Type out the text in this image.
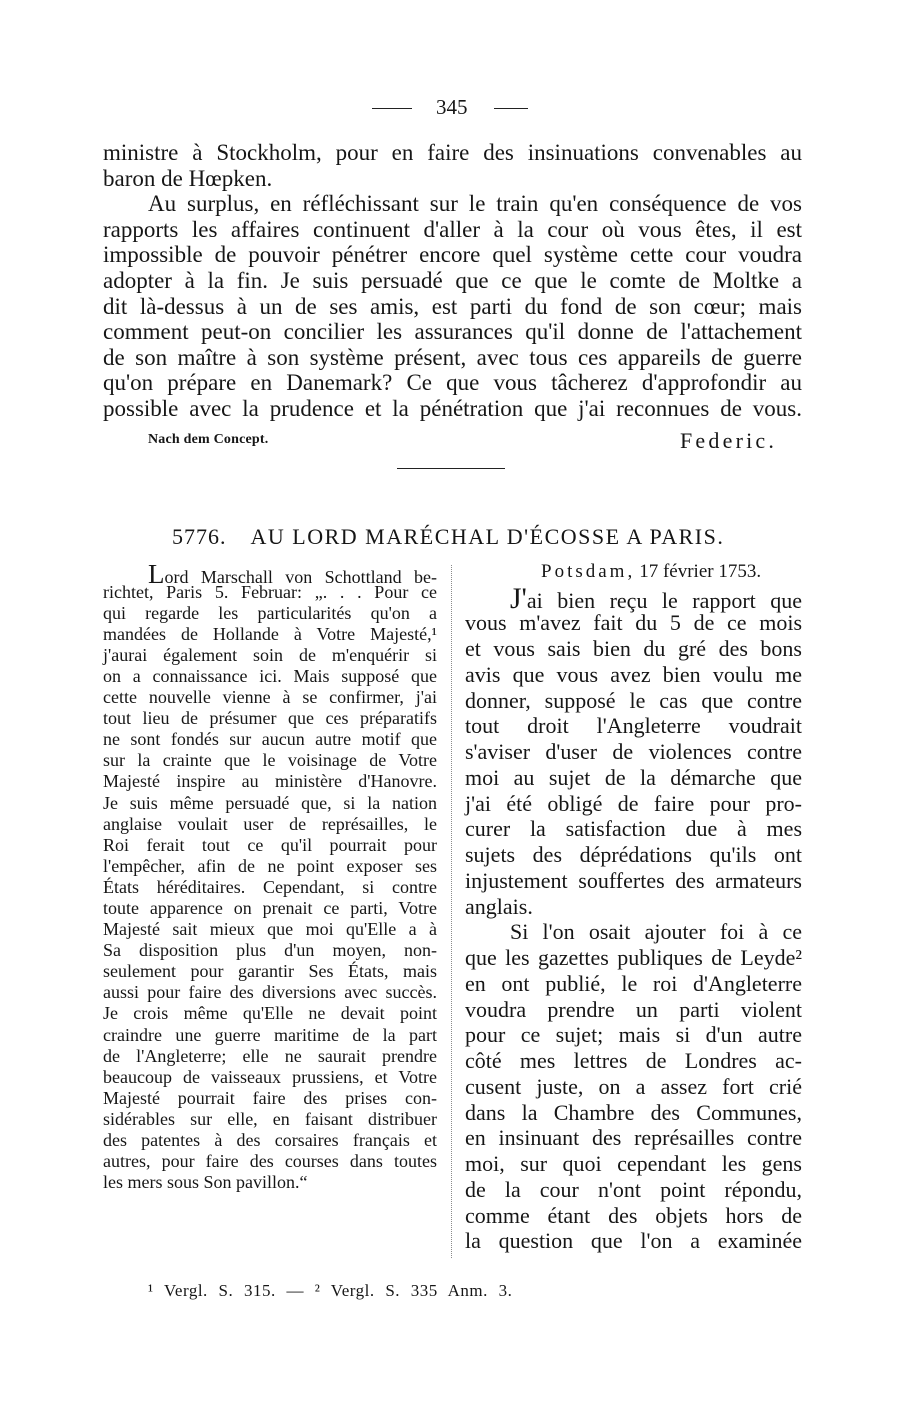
345
ministre à Stockholm, pour en faire des insinuations convenables au
baron de Hœpken.
Au surplus, en réfléchissant sur le train qu'en conséquence de vos
rapports les affaires continuent d'aller à la cour où vous êtes, il est
impossible de pouvoir pénétrer encore quel système cette cour voudra
adopter à la fin. Je suis persuadé que ce que le comte de Moltke a
dit là-dessus à un de ses amis, est parti du fond de son cœur; mais
comment peut-on concilier les assurances qu'il donne de l'attachement
de son maître à son système présent, avec tous ces appareils de guerre
qu'on prépare en Danemark? Ce que vous tâcherez d'approfondir au
possible avec la prudence et la pénétration que j'ai reconnues de vous.
Nach dem Concept.	Federic.
5776. AU LORD MARÉCHAL D'ÉCOSSE A PARIS.
Lord Marschall von Schottland be-
richtet, Paris 5. Februar: „. . . Pour ce
qui regarde les particularités qu'on a
mandées de Hollande à Votre Majesté,¹
j'aurai également soin de m'enquérir si
on a connaissance ici. Mais supposé que
cette nouvelle vienne à se confirmer, j'ai
tout lieu de présumer que ces préparatifs
ne sont fondés sur aucun autre motif que
sur la crainte que le voisinage de Votre
Majesté inspire au ministère d'Hanovre.
Je suis même persuadé que, si la nation
anglaise voulait user de représailles, le
Roi ferait tout ce qu'il pourrait pour
l'empêcher, afin de ne point exposer ses
États héréditaires. Cependant, si contre
toute apparence on prenait ce parti, Votre
Majesté sait mieux que moi qu'Elle a à
Sa disposition plus d'un moyen, non-
seulement pour garantir Ses États, mais
aussi pour faire des diversions avec succès.
Je crois même qu'Elle ne devait point
craindre une guerre maritime de la part
de l'Angleterre; elle ne saurait prendre
beaucoup de vaisseaux prussiens, et Votre
Majesté pourrait faire des prises con-
sidérables sur elle, en faisant distribuer
des patentes à des corsaires français et
autres, pour faire des courses dans toutes
les mers sous Son pavillon.“
Potsdam, 17 février 1753.
J'ai bien reçu le rapport que
vous m'avez fait du 5 de ce mois
et vous sais bien du gré des bons
avis que vous avez bien voulu me
donner, supposé le cas que contre
tout droit l'Angleterre voudrait
s'aviser d'user de violences contre
moi au sujet de la démarche que
j'ai été obligé de faire pour pro-
curer la satisfaction due à mes
sujets des déprédations qu'ils ont
injustement souffertes des armateurs
anglais.
Si l'on osait ajouter foi à ce
que les gazettes publiques de Leyde²
en ont publié, le roi d'Angleterre
voudra prendre un parti violent
pour ce sujet; mais si d'un autre
côté mes lettres de Londres ac-
cusent juste, on a assez fort crié
dans la Chambre des Communes,
en insinuant des représailles contre
moi, sur quoi cependant les gens
de la cour n'ont point répondu,
comme étant des objets hors de
la question que l'on a examinée
¹ Vergl. S. 315. — ² Vergl. S. 335 Anm. 3.
